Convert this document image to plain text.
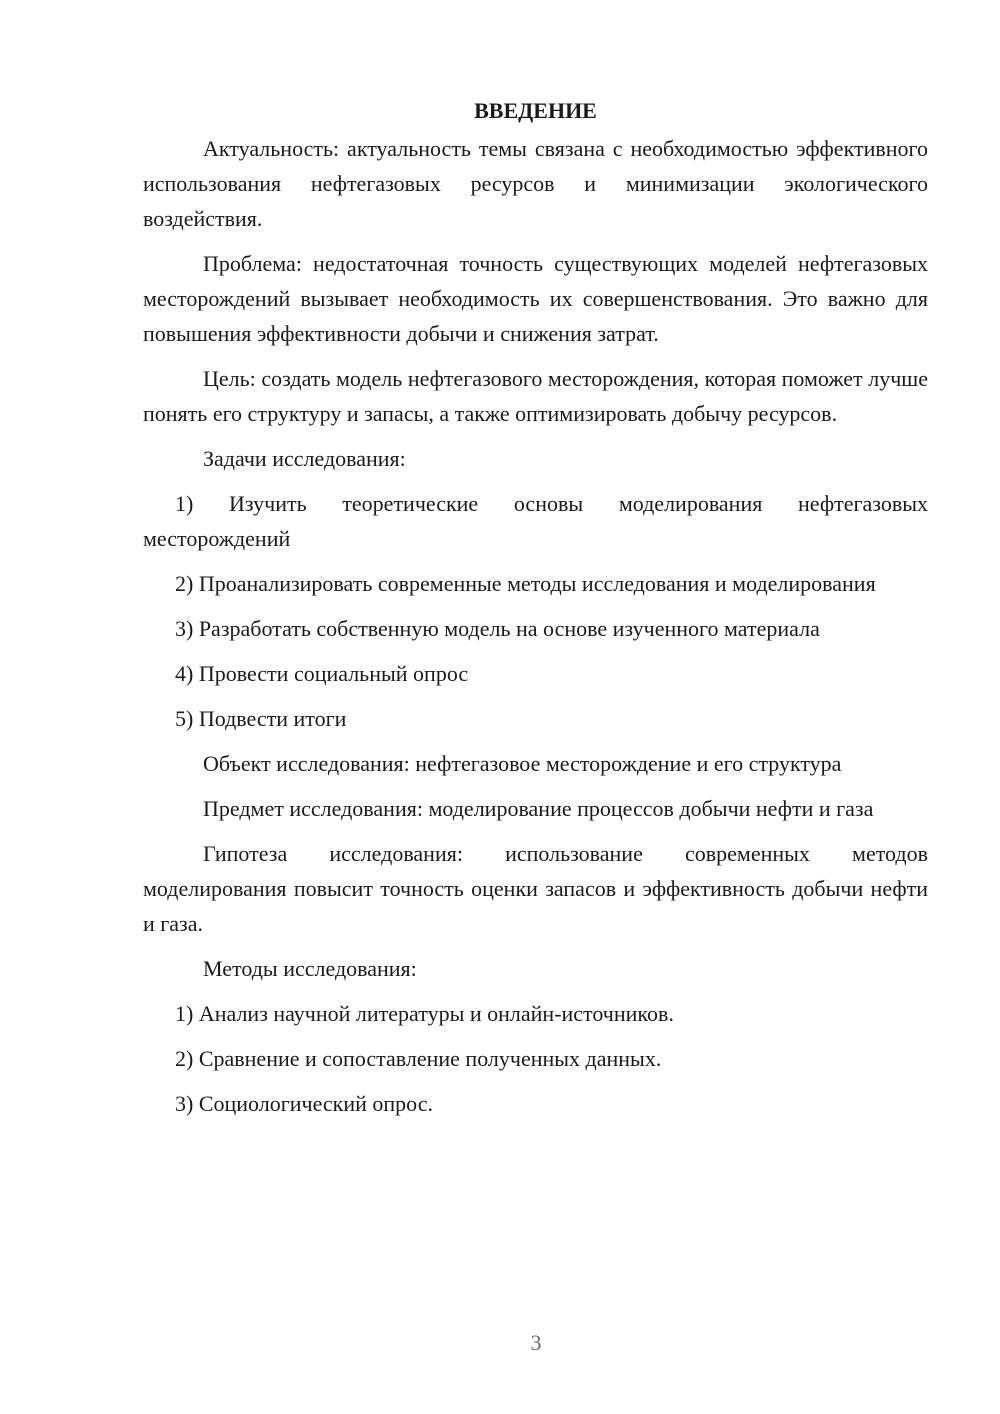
ВВЕДЕНИЕ

Актуальность: актуальность темы связана с необходимостью эффективного использования нефтегазовых ресурсов и минимизации экологического воздействия.

Проблема: недостаточная точность существующих моделей нефтегазовых месторождений вызывает необходимость их совершенствования. Это важно для повышения эффективности добычи и снижения затрат.

Цель: создать модель нефтегазового месторождения, которая поможет лучше понять его структуру и запасы, а также оптимизировать добычу ресурсов.

Задачи исследования:

1) Изучить теоретические основы моделирования нефтегазовых месторождений

2) Проанализировать современные методы исследования и моделирования

3) Разработать собственную модель на основе изученного материала

4) Провести социальный опрос

5) Подвести итоги

Объект исследования: нефтегазовое месторождение и его структура

Предмет исследования: моделирование процессов добычи нефти и газа

Гипотеза исследования: использование современных методов моделирования повысит точность оценки запасов и эффективность добычи нефти и газа.

Методы исследования:

1) Анализ научной литературы и онлайн-источников.

2) Сравнение и сопоставление полученных данных.

3) Социологический опрос.

3
